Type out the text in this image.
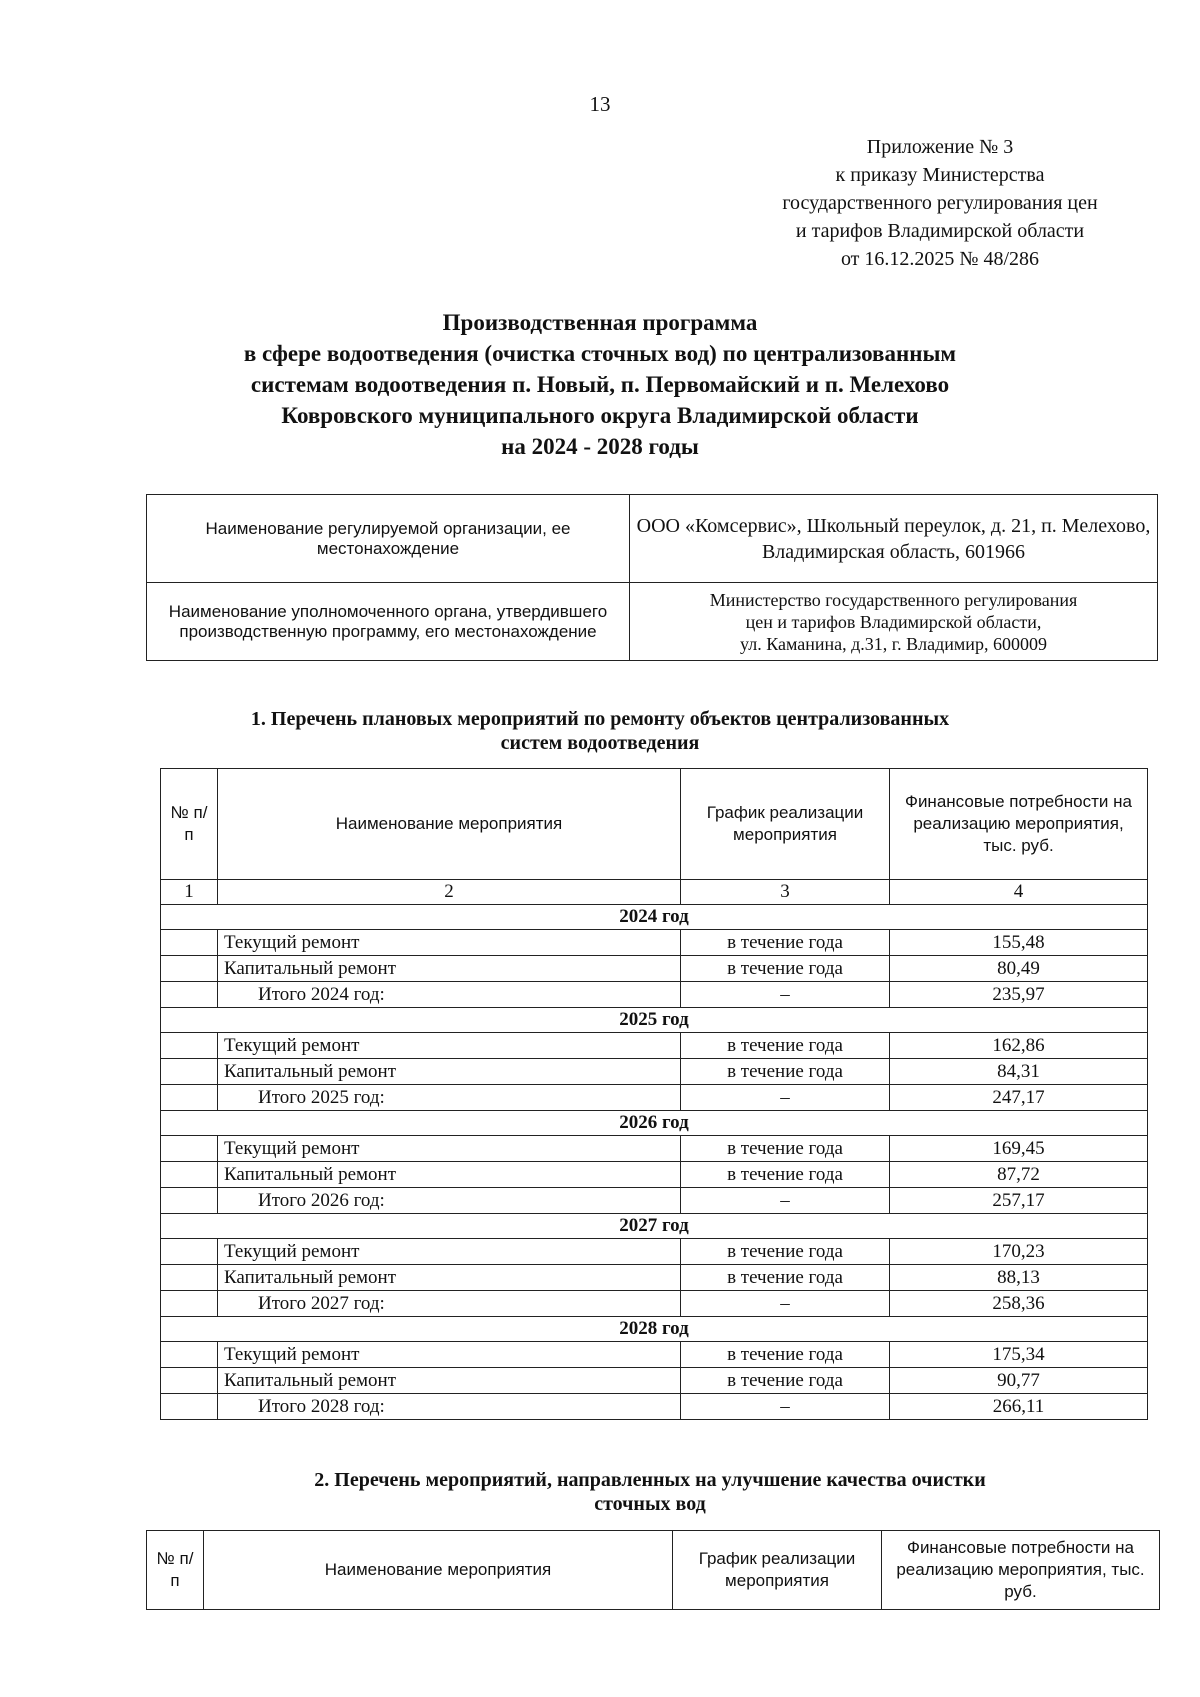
13
Приложение № 3
к приказу Министерства
государственного регулирования цен
и тарифов Владимирской области
от 16.12.2025 № 48/286
Производственная программа
в сфере водоотведения (очистка сточных вод) по централизованным
системам водоотведения п. Новый, п. Первомайский и п. Мелехово
Ковровского муниципального округа Владимирской области
на 2024 - 2028 годы
Наименование регулируемой организации, ее местонахождение	ООО «Комсервис», Школьный переулок, д. 21, п. Мелехово, Владимирская область, 601966
Наименование уполномоченного органа, утвердившего производственную программу, его местонахождение	Министерство государственного регулирования
цен и тарифов Владимирской области,
ул. Каманина, д.31, г. Владимир, 600009
1. Перечень плановых мероприятий по ремонту объектов централизованных
систем водоотведения
№ п/п	Наименование мероприятия	График реализации мероприятия	Финансовые потребности на реализацию мероприятия, тыс. руб.
1	2	3	4
2024 год			
	Текущий ремонт	в течение года	155,48
	Капитальный ремонт	в течение года	80,49
	Итого 2024 год:	–	235,97
2025 год			
	Текущий ремонт	в течение года	162,86
	Капитальный ремонт	в течение года	84,31
	Итого 2025 год:	–	247,17
2026 год			
	Текущий ремонт	в течение года	169,45
	Капитальный ремонт	в течение года	87,72
	Итого 2026 год:	–	257,17
2027 год			
	Текущий ремонт	в течение года	170,23
	Капитальный ремонт	в течение года	88,13
	Итого 2027 год:	–	258,36
2028 год			
	Текущий ремонт	в течение года	175,34
	Капитальный ремонт	в течение года	90,77
	Итого 2028 год:	–	266,11
2. Перечень мероприятий, направленных на улучшение качества очистки
сточных вод
№ п/п	Наименование мероприятия	График реализации мероприятия	Финансовые потребности на реализацию мероприятия, тыс. руб.
